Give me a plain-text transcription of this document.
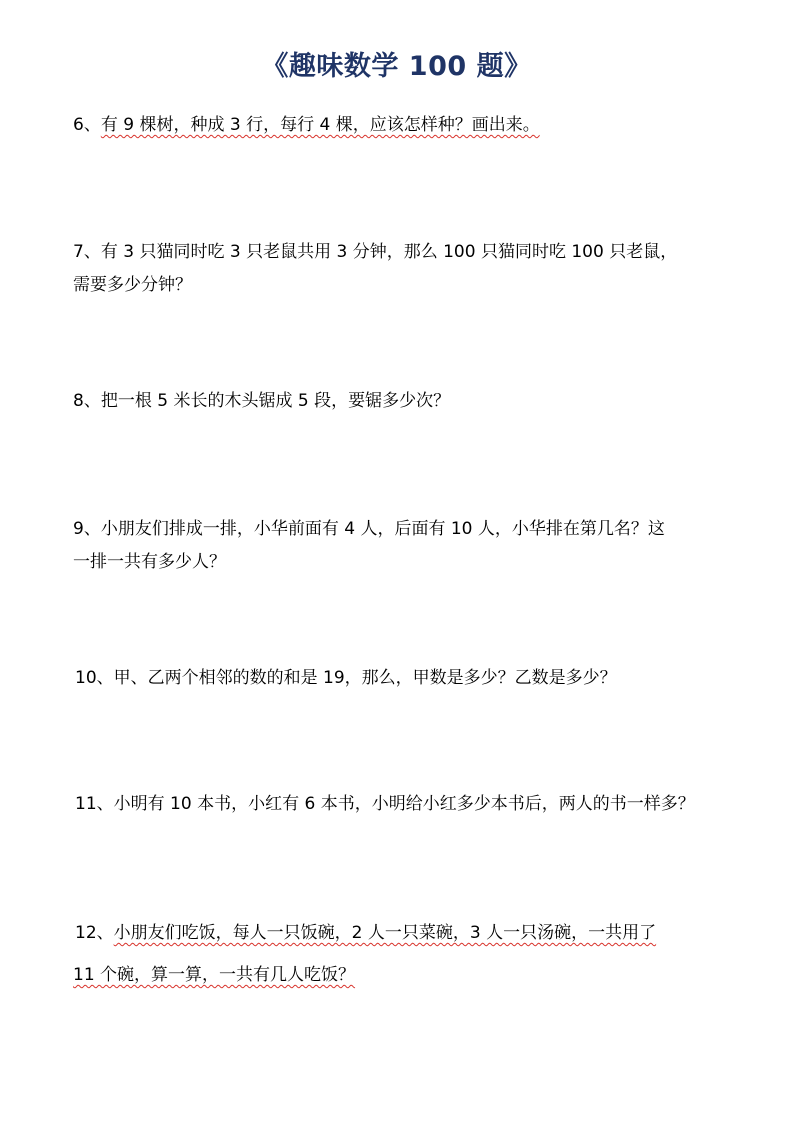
《趣味数学 100 题》

6、有 9 棵树，种成 3 行，每行 4 棵，应该怎样种？画出来。

7、有 3 只猫同时吃 3 只老鼠共用 3 分钟，那么 100 只猫同时吃 100 只老鼠，

需要多少分钟？

8、把一根 5 米长的木头锯成 5 段，要锯多少次？

9、小朋友们排成一排，小华前面有 4 人，后面有 10 人，小华排在第几名？这

一排一共有多少人？

10、甲、乙两个相邻的数的和是 19，那么，甲数是多少？乙数是多少？

11、小明有 10 本书，小红有 6 本书，小明给小红多少本书后，两人的书一样多？

12、小朋友们吃饭，每人一只饭碗，2 人一只菜碗，3 人一只汤碗，一共用了

11 个碗，算一算，一共有几人吃饭？
